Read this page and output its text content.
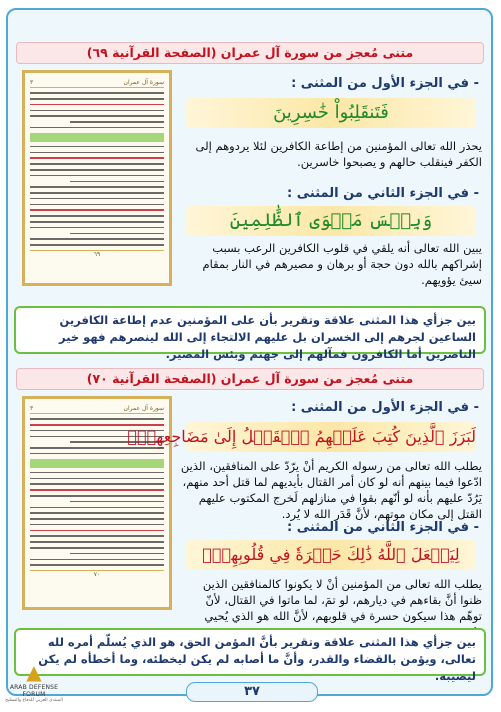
متنى مُعجز من سورة آل عمران (الصفحة القرآنية ٦٩)
٣	سورة آل عمران
٦٩
- في الجزء الأول من المثنى :
فَتَنقَلِبُواْ خَٰسِرِينَ
يحذر الله تعالى المؤمنين من إطاعة الكافرين لئلا يردوهم إلى الكفر فينقلب حالهم و يصبحوا خاسرين.
- في الجزء الثاني من المثنى :
وَبِئۡسَ مَثۡوَى ٱلظَّٰلِمِينَ
يبين الله تعالى أنه يلقي في قلوب الكافرين الرعب بسبب إشراكهم بالله دون حجة أو برهان و مصيرهم في النار بمقام سيئ يؤويهم.
بين جزأي هذا المثنى علاقة وتقرير بأن على المؤمنين عدم إطاعة الكافرين الساعين لجرهم إلى الخسران بل عليهم الالتجاء إلى الله لينصرهم فهو خير الناصرين أما الكافرون فمآلهم إلى جهنم وبئس المصير.
متنى مُعجز من سورة آل عمران (الصفحة القرآنية ٧٠)
٣	سورة آل عمران
٧٠
- في الجزء الأول من المثنى :
لَبَرَزَ ٱلَّذِينَ كُتِبَ عَلَيۡهِمُ ٱلۡقَتۡلُ إِلَىٰ مَضَاجِعِهِمۡۖ
يطلب الله تعالى من رسوله الكريم أنْ يرّدّ على المنافقين، الذين ادّعوا فيما بينهم أنه لو كان أمر القتال بأيديهم لما قتل أحد منهم، يَرُدّ عليهم بأنه لو أنّهم بقوا في منازلهم لَخرج المكتوب عليهم القتل إلى مكان موتهم، لأنَّ قَدَر الله لا يُرد.
- في الجزء الثاني من المثنى :
لِيَجۡعَلَ ٱللَّهُ ذَٰلِكَ حَسۡرَةٗ فِي قُلُوبِهِمۡۗ
يطلب الله تعالى من المؤمنين أنْ لا يكونوا كالمنافقين الذين ظنوا أنَّ بقاءهم في ديارهم، لو تمَ، لما ماتوا في القتال، لأنّ توهّم هذا سيكون حسرة في قلوبهم، لأنَّ الله هو الذي يُحيي
بين جزأي هذا المثنى علاقة وتقرير بأنَّ المؤمن الحق، هو الذي يُسلّم أمره لله تعالى، ويؤمن بالقضاء والقدر، وأنَّ ما أصابه لم يكن ليخطئه، وما أخطأه لم يكن ليصيبه.
٣٧
▲
ARAB DEFENSE FORUM
المنتدى العربي للدفاع والتسليح
